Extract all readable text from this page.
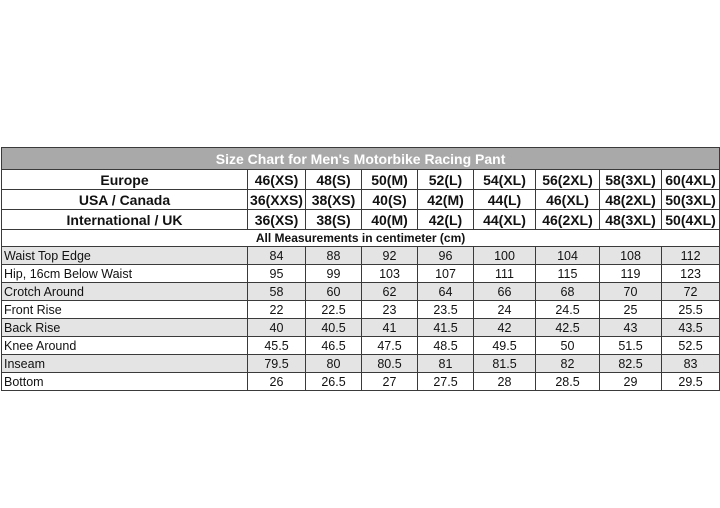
Size Chart for Men's Motorbike Racing Pant								
Europe	46(XS)	48(S)	50(M)	52(L)	54(XL)	56(2XL)	58(3XL)	60(4XL)
USA / Canada	36(XXS)	38(XS)	40(S)	42(M)	44(L)	46(XL)	48(2XL)	50(3XL)
International / UK	36(XS)	38(S)	40(M)	42(L)	44(XL)	46(2XL)	48(3XL)	50(4XL)
All Measurements in centimeter (cm)								
Waist Top Edge	84	88	92	96	100	104	108	112
Hip, 16cm Below Waist	95	99	103	107	111	115	119	123
Crotch Around	58	60	62	64	66	68	70	72
Front Rise	22	22.5	23	23.5	24	24.5	25	25.5
Back Rise	40	40.5	41	41.5	42	42.5	43	43.5
Knee Around	45.5	46.5	47.5	48.5	49.5	50	51.5	52.5
Inseam	79.5	80	80.5	81	81.5	82	82.5	83
Bottom	26	26.5	27	27.5	28	28.5	29	29.5
